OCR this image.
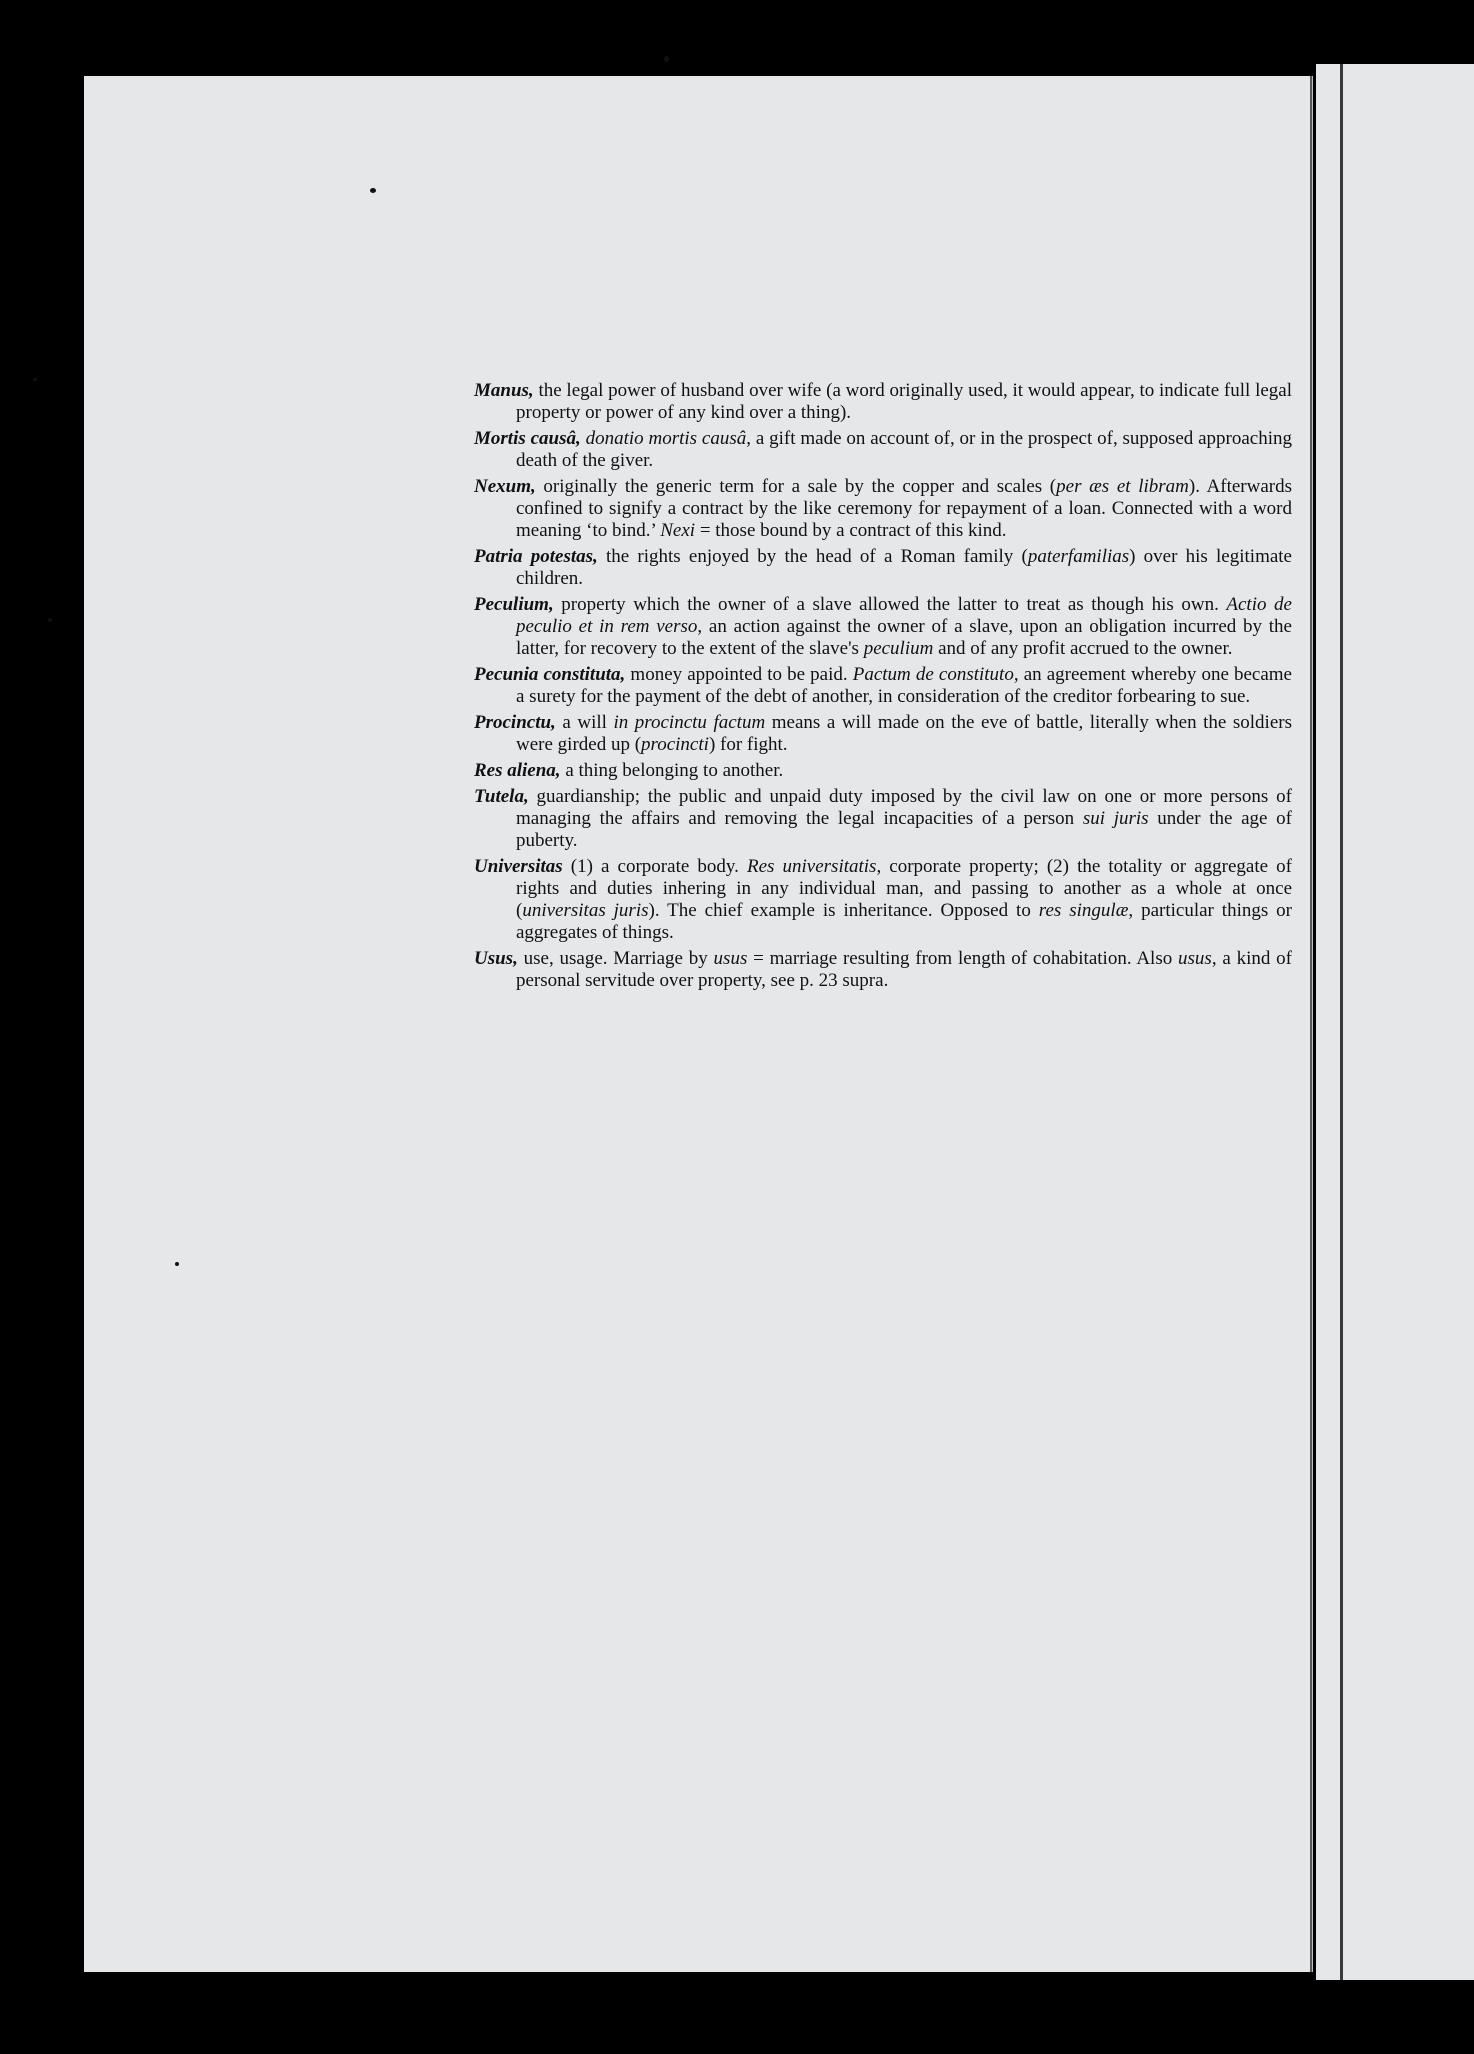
Manus, the legal power of husband over wife (a word originally used, it would appear, to indicate full legal property or power of any kind over a thing).

Mortis causâ, donatio mortis causâ, a gift made on account of, or in the prospect of, supposed approaching death of the giver.

Nexum, originally the generic term for a sale by the copper and scales (per æs et libram). Afterwards confined to signify a contract by the like ceremony for repayment of a loan. Connected with a word meaning ‘to bind.’ Nexi = those bound by a contract of this kind.

Patria potestas, the rights enjoyed by the head of a Roman family (paterfamilias) over his legitimate children.

Peculium, property which the owner of a slave allowed the latter to treat as though his own. Actio de peculio et in rem verso, an action against the owner of a slave, upon an obligation incurred by the latter, for recovery to the extent of the slave's peculium and of any profit accrued to the owner.

Pecunia constituta, money appointed to be paid. Pactum de constituto, an agreement whereby one became a surety for the payment of the debt of another, in consideration of the creditor forbearing to sue.

Procinctu, a will in procinctu factum means a will made on the eve of battle, literally when the soldiers were girded up (procincti) for fight.

Res aliena, a thing belonging to another.

Tutela, guardianship; the public and unpaid duty imposed by the civil law on one or more persons of managing the affairs and removing the legal incapacities of a person sui juris under the age of puberty.

Universitas (1) a corporate body. Res universitatis, corporate property; (2) the totality or aggregate of rights and duties inhering in any individual man, and passing to another as a whole at once (universitas juris). The chief example is inheritance. Opposed to res singulæ, particular things or aggregates of things.

Usus, use, usage. Marriage by usus = marriage resulting from length of cohabitation. Also usus, a kind of personal servitude over property, see p. 23 supra.
